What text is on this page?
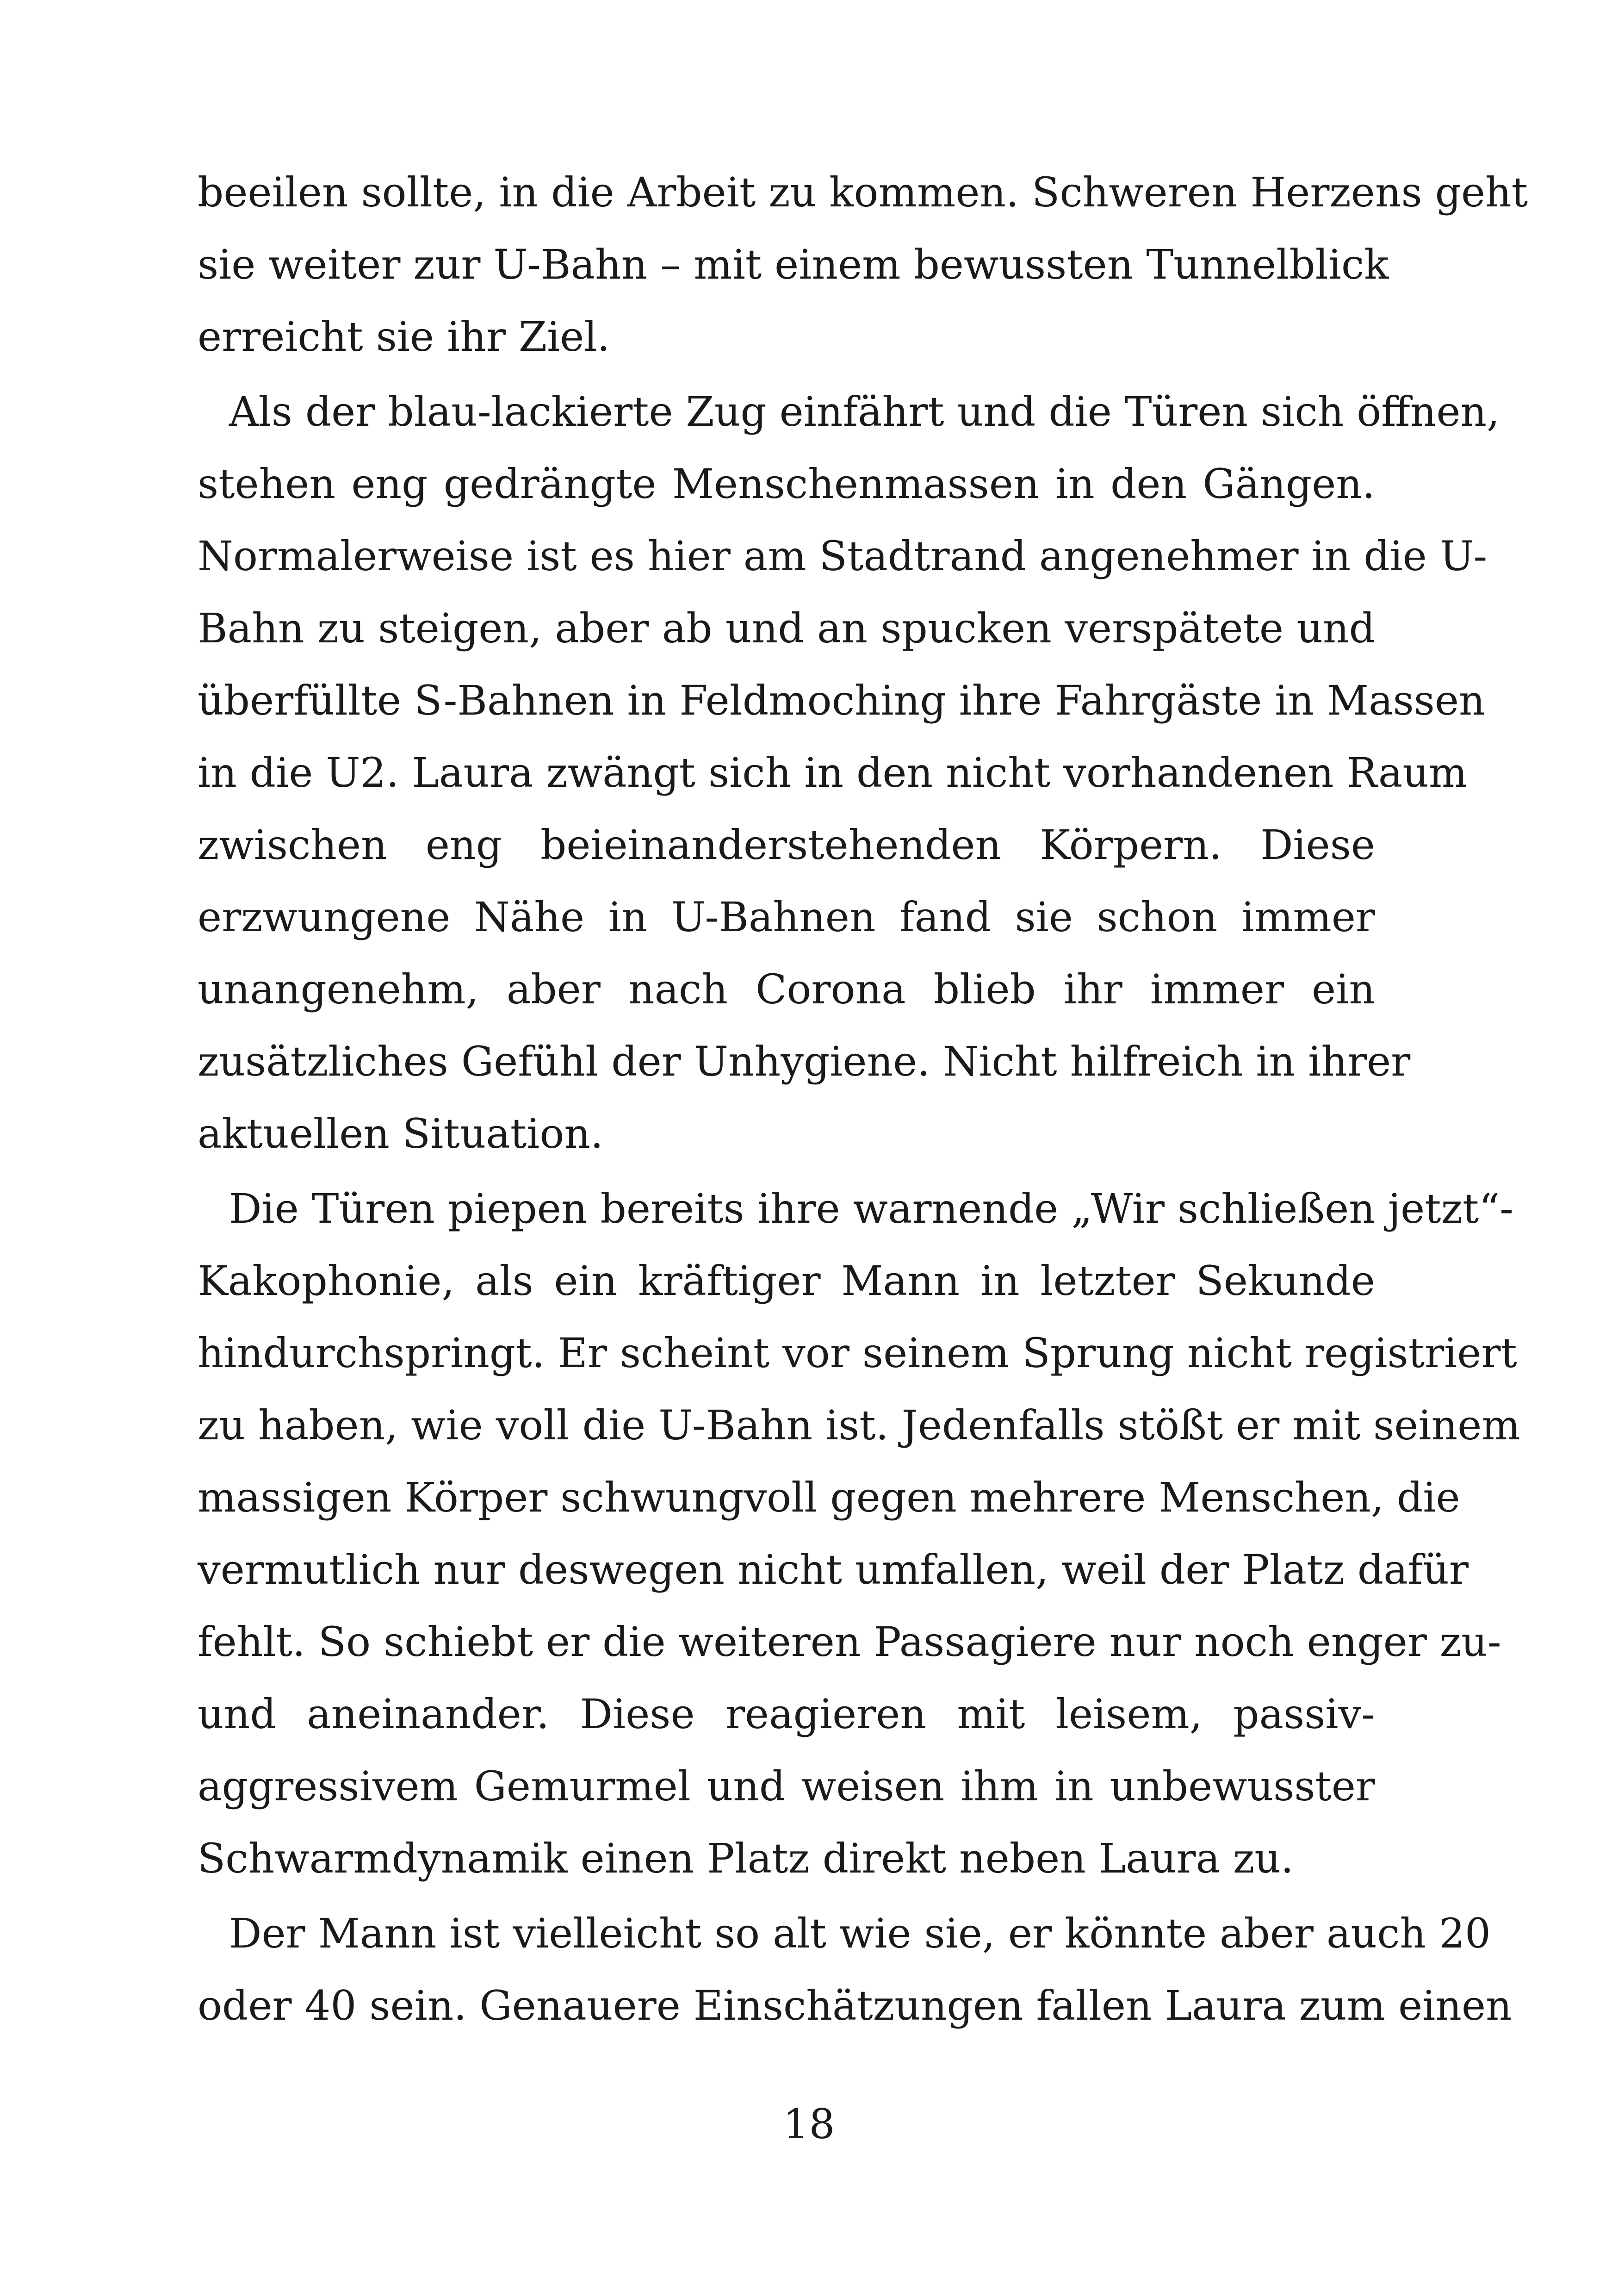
beeilen sollte, in die Arbeit zu kommen. Schweren Herzens geht
sie weiter zur U-Bahn – mit einem bewussten Tunnelblick
erreicht sie ihr Ziel.
Als der blau-lackierte Zug einfährt und die Türen sich öffnen,
stehen eng gedrängte Menschenmassen in den Gängen.
Normalerweise ist es hier am Stadtrand angenehmer in die U-
Bahn zu steigen, aber ab und an spucken verspätete und
überfüllte S-Bahnen in Feldmoching ihre Fahrgäste in Massen
in die U2. Laura zwängt sich in den nicht vorhandenen Raum
zwischen eng beieinanderstehenden Körpern. Diese
erzwungene Nähe in U-Bahnen fand sie schon immer
unangenehm, aber nach Corona blieb ihr immer ein
zusätzliches Gefühl der Unhygiene. Nicht hilfreich in ihrer
aktuellen Situation.
Die Türen piepen bereits ihre warnende „Wir schließen jetzt“-
Kakophonie, als ein kräftiger Mann in letzter Sekunde
hindurchspringt. Er scheint vor seinem Sprung nicht registriert
zu haben, wie voll die U-Bahn ist. Jedenfalls stößt er mit seinem
massigen Körper schwungvoll gegen mehrere Menschen, die
vermutlich nur deswegen nicht umfallen, weil der Platz dafür
fehlt. So schiebt er die weiteren Passagiere nur noch enger zu-
und aneinander. Diese reagieren mit leisem, passiv-
aggressivem Gemurmel und weisen ihm in unbewusster
Schwarmdynamik einen Platz direkt neben Laura zu.
Der Mann ist vielleicht so alt wie sie, er könnte aber auch 20
oder 40 sein. Genauere Einschätzungen fallen Laura zum einen
18
